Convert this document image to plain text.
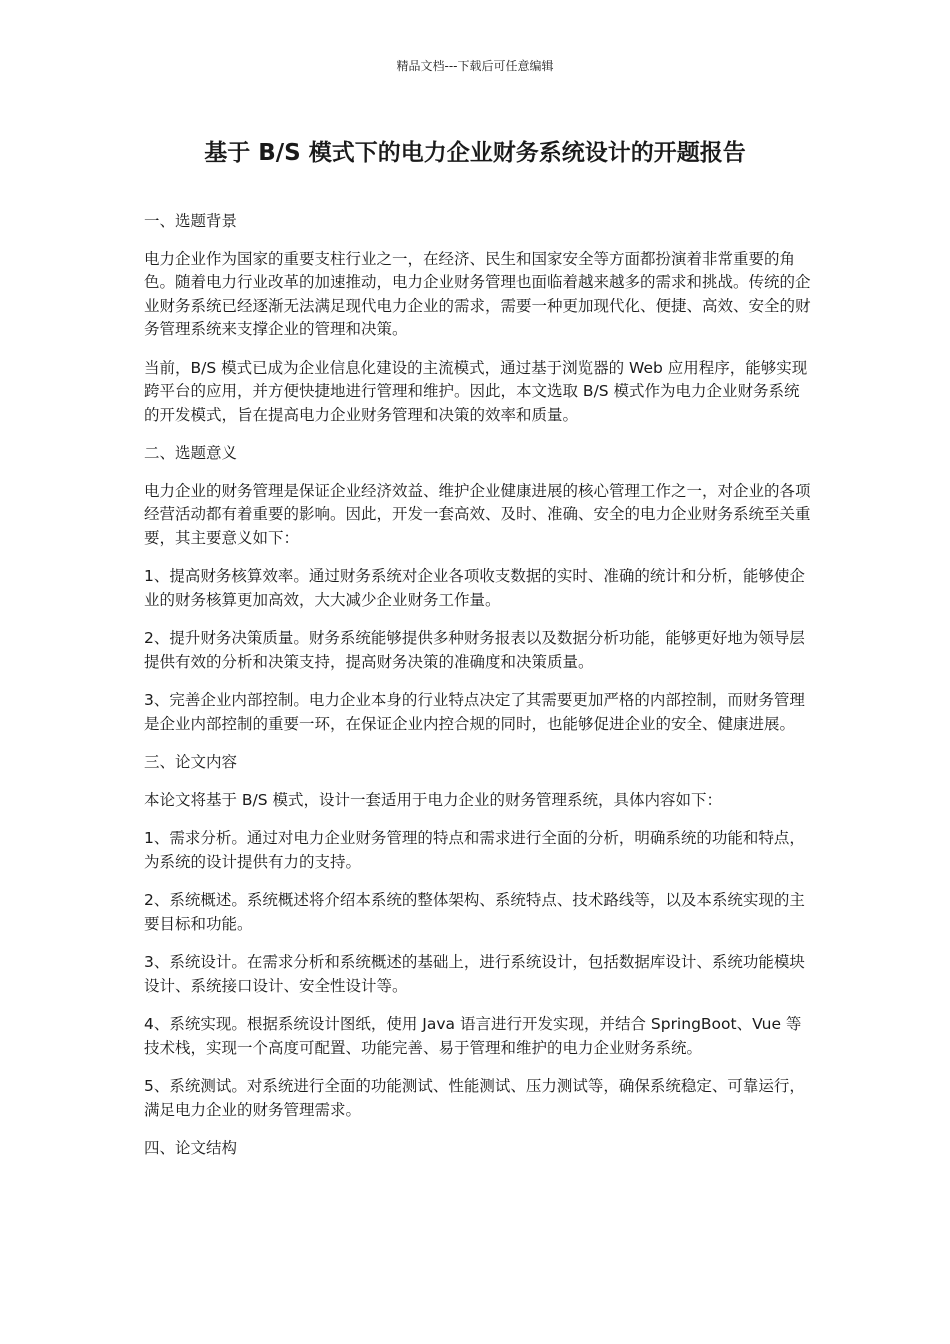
精品文档---下载后可任意编辑
基于 B/S 模式下的电力企业财务系统设计的开题报告

一、选题背景

电力企业作为国家的重要支柱行业之一，在经济、民生和国家安全等方面都扮演着非常重要的角色。随着电力行业改革的加速推动，电力企业财务管理也面临着越来越多的需求和挑战。传统的企业财务系统已经逐渐无法满足现代电力企业的需求，需要一种更加现代化、便捷、高效、安全的财务管理系统来支撑企业的管理和决策。

当前，B/S 模式已成为企业信息化建设的主流模式，通过基于浏览器的 Web 应用程序，能够实现跨平台的应用，并方便快捷地进行管理和维护。因此，本文选取 B/S 模式作为电力企业财务系统的开发模式，旨在提高电力企业财务管理和决策的效率和质量。

二、选题意义

电力企业的财务管理是保证企业经济效益、维护企业健康进展的核心管理工作之一，对企业的各项经营活动都有着重要的影响。因此，开发一套高效、及时、准确、安全的电力企业财务系统至关重要，其主要意义如下：

1、提高财务核算效率。通过财务系统对企业各项收支数据的实时、准确的统计和分析，能够使企业的财务核算更加高效，大大减少企业财务工作量。

2、提升财务决策质量。财务系统能够提供多种财务报表以及数据分析功能，能够更好地为领导层提供有效的分析和决策支持，提高财务决策的准确度和决策质量。

3、完善企业内部控制。电力企业本身的行业特点决定了其需要更加严格的内部控制，而财务管理是企业内部控制的重要一环，在保证企业内控合规的同时，也能够促进企业的安全、健康进展。

三、论文内容

本论文将基于 B/S 模式，设计一套适用于电力企业的财务管理系统，具体内容如下：

1、需求分析。通过对电力企业财务管理的特点和需求进行全面的分析，明确系统的功能和特点，为系统的设计提供有力的支持。

2、系统概述。系统概述将介绍本系统的整体架构、系统特点、技术路线等，以及本系统实现的主要目标和功能。

3、系统设计。在需求分析和系统概述的基础上，进行系统设计，包括数据库设计、系统功能模块设计、系统接口设计、安全性设计等。

4、系统实现。根据系统设计图纸，使用 Java 语言进行开发实现，并结合 SpringBoot、Vue 等技术栈，实现一个高度可配置、功能完善、易于管理和维护的电力企业财务系统。

5、系统测试。对系统进行全面的功能测试、性能测试、压力测试等，确保系统稳定、可靠运行，满足电力企业的财务管理需求。

四、论文结构
